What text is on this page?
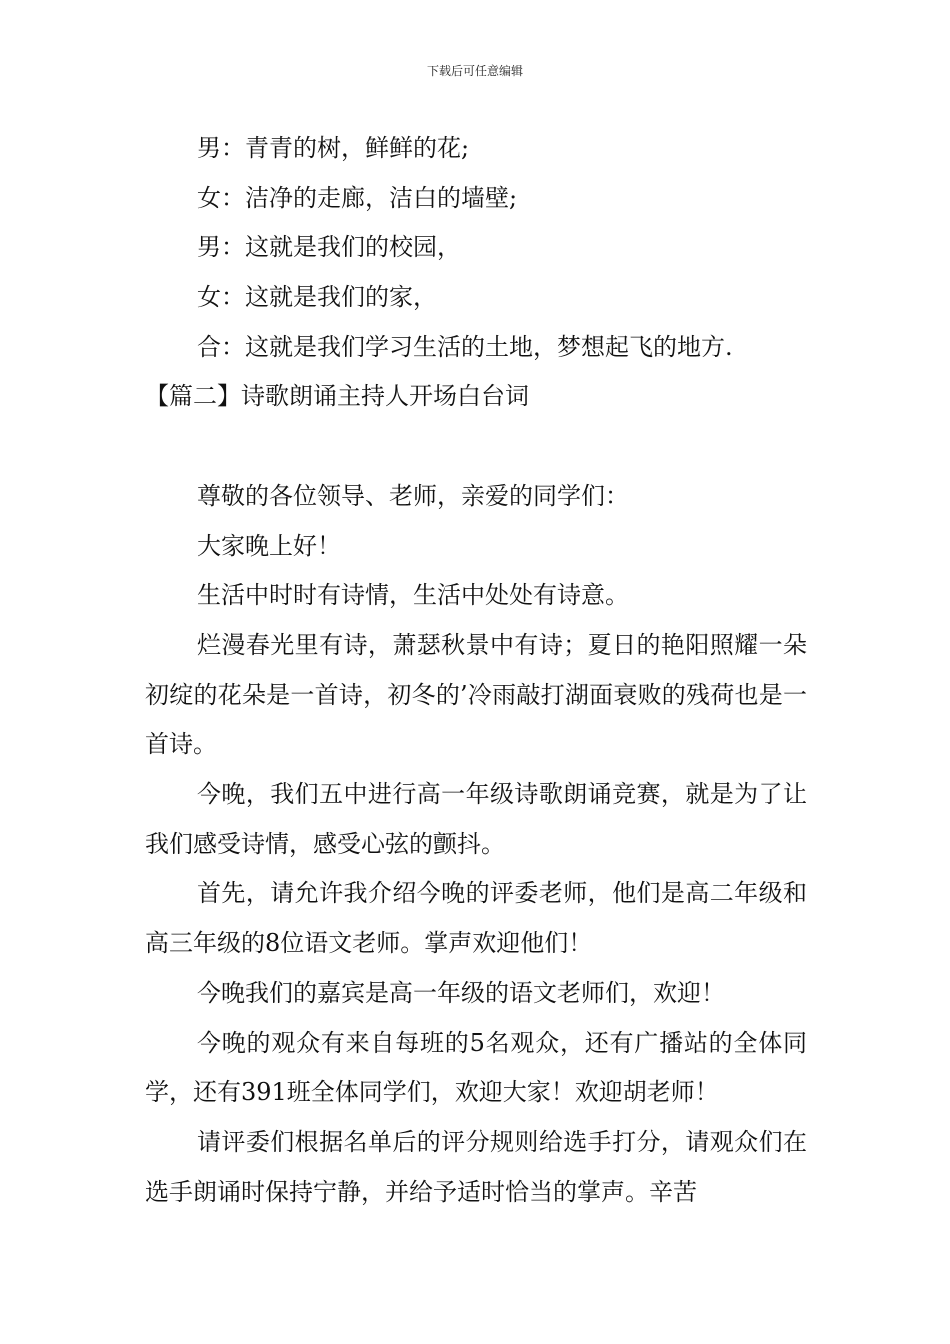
下载后可任意编辑
男：青青的树，鲜鲜的花;
女：洁净的走廊，洁白的墙壁;
男：这就是我们的校园，
女：这就是我们的家，
合：这就是我们学习生活的土地，梦想起飞的地方.
【篇二】诗歌朗诵主持人开场白台词
尊敬的各位领导、老师，亲爱的同学们：
大家晚上好！
生活中时时有诗情，生活中处处有诗意。
烂漫春光里有诗，萧瑟秋景中有诗；夏日的艳阳照耀一朵初绽的花朵是一首诗，初冬的’冷雨敲打湖面衰败的残荷也是一首诗。
今晚，我们五中进行高一年级诗歌朗诵竞赛，就是为了让我们感受诗情，感受心弦的颤抖。
首先，请允许我介绍今晚的评委老师，他们是高二年级和高三年级的8位语文老师。掌声欢迎他们！
今晚我们的嘉宾是高一年级的语文老师们，欢迎！
今晚的观众有来自每班的5名观众，还有广播站的全体同学，还有391班全体同学们，欢迎大家！欢迎胡老师！
请评委们根据名单后的评分规则给选手打分，请观众们在选手朗诵时保持宁静，并给予适时恰当的掌声。辛苦
